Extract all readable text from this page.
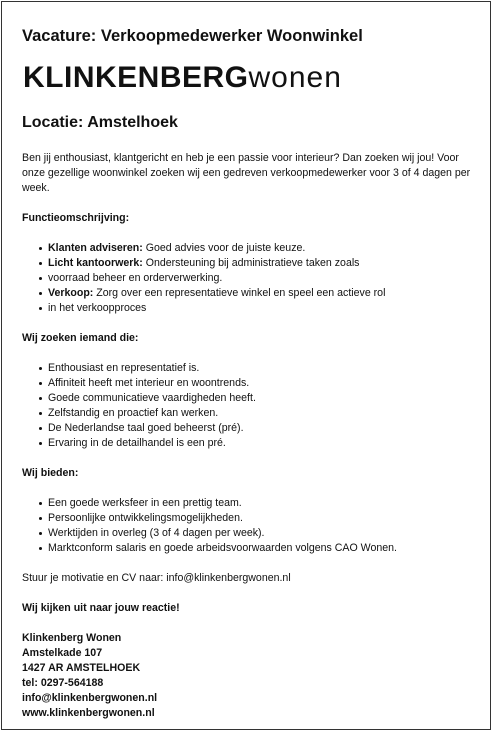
Vacature: Verkoopmedewerker Woonwinkel
KLINKENBERGwonen
Locatie: Amstelhoek

Ben jij enthousiast, klantgericht en heb je een passie voor interieur? Dan zoeken wij jou! Voor onze gezellige woonwinkel zoeken wij een gedreven verkoopmedewerker voor 3 of 4 dagen per week.

Functieomschrijving:

Klanten adviseren: Goed advies voor de juiste keuze.
Licht kantoorwerk: Ondersteuning bij administratieve taken zoals
voorraad beheer en orderverwerking.
Verkoop: Zorg over een representatieve winkel en speel een actieve rol
in het verkoopproces

Wij zoeken iemand die:

Enthousiast en representatief is.
Affiniteit heeft met interieur en woontrends.
Goede communicatieve vaardigheden heeft.
Zelfstandig en proactief kan werken.
De Nederlandse taal goed beheerst (pré).
Ervaring in de detailhandel is een pré.

Wij bieden:

Een goede werksfeer in een prettig team.
Persoonlijke ontwikkelingsmogelijkheden.
Werktijden in overleg (3 of 4 dagen per week).
Marktconform salaris en goede arbeidsvoorwaarden volgens CAO Wonen.

Stuur je motivatie en CV naar: info@klinkenbergwonen.nl

Wij kijken uit naar jouw reactie!

Klinkenberg Wonen

Amstelkade 107

1427 AR AMSTELHOEK

tel: 0297-564188

info@klinkenbergwonen.nl

www.klinkenbergwonen.nl
